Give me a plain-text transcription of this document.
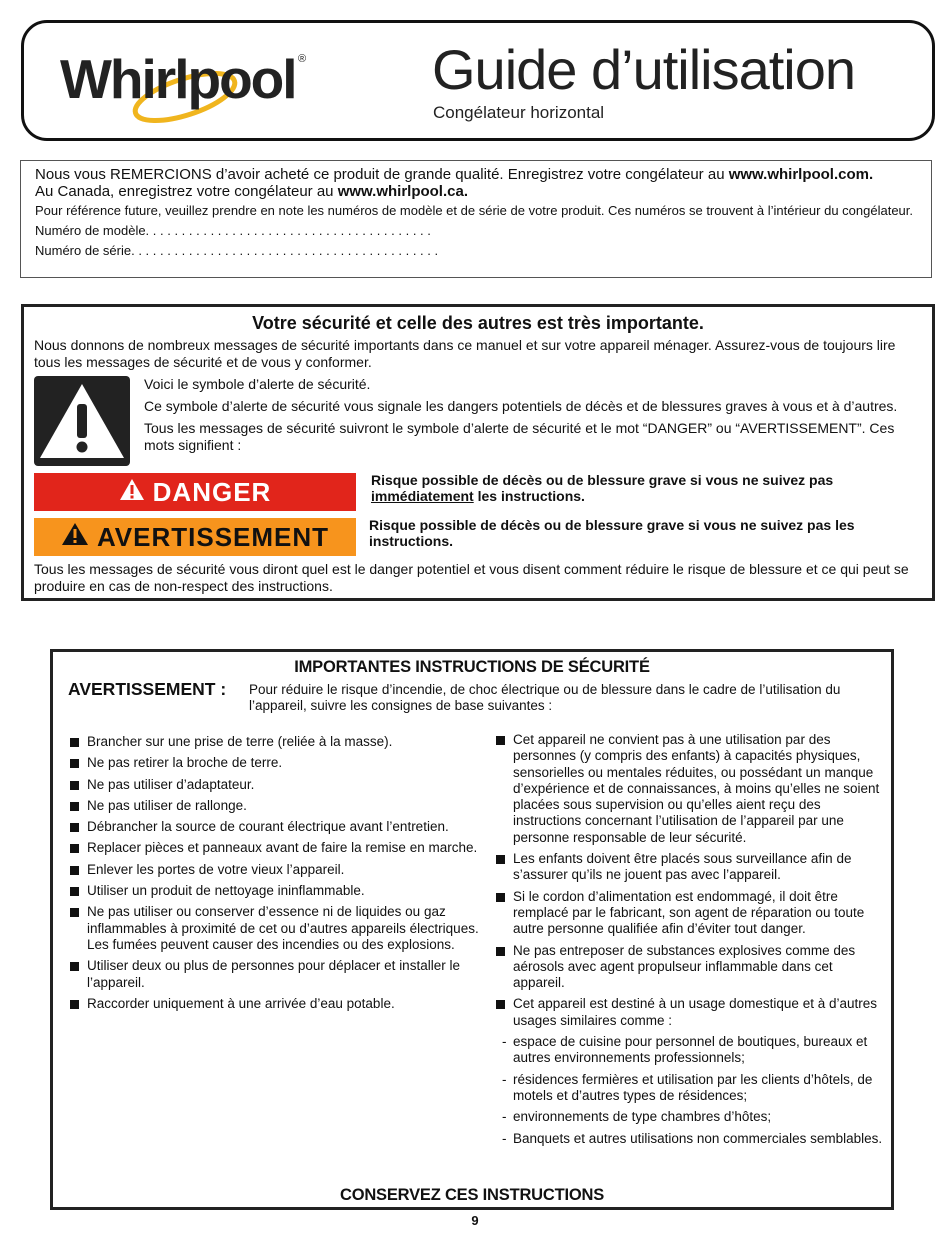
Whirlpool ® Guide d’utilisation
Congélateur horizontal
Nous vous REMERCIONS d’avoir acheté ce produit de grande qualité. Enregistrez votre congélateur au www.whirlpool.com.
Au Canada, enregistrez votre congélateur au www.whirlpool.ca.
Pour référence future, veuillez prendre en note les numéros de modèle et de série de votre produit. Ces numéros se trouvent à l’intérieur du congélateur.
Numéro de modèle. . . . . . . . . . . . . . . . . . . . . . . . . . . . . . . . . . . . . . . .
Numéro de série. . . . . . . . . . . . . . . . . . . . . . . . . . . . . . . . . . . . . . . . . . .
Votre sécurité et celle des autres est très importante.
Nous donnons de nombreux messages de sécurité importants dans ce manuel et sur votre appareil ménager. Assurez-vous de toujours lire tous les messages de sécurité et de vous y conformer.

Voici le symbole d’alerte de sécurité.

Ce symbole d’alerte de sécurité vous signale les dangers potentiels de décès et de blessures graves à vous et à d’autres.

Tous les messages de sécurité suivront le symbole d’alerte de sécurité et le mot “DANGER” ou “AVERTISSEMENT”. Ces mots signifient :

DANGER	Risque possible de décès ou de blessure grave si vous ne suivez pas immédiatement les instructions.
AVERTISSEMENT	Risque possible de décès ou de blessure grave si vous ne suivez pas les instructions.
Tous les messages de sécurité vous diront quel est le danger potentiel et vous disent comment réduire le risque de blessure et ce qui peut se produire en cas de non-respect des instructions.
IMPORTANTES INSTRUCTIONS DE SÉCURITÉ
AVERTISSEMENT : Pour réduire le risque d’incendie, de choc électrique ou de blessure dans le cadre de l’utilisation du l’appareil, suivre les consignes de base suivantes :
Brancher sur une prise de terre (reliée à la masse).
Ne pas retirer la broche de terre.
Ne pas utiliser d’adaptateur.
Ne pas utiliser de rallonge.
Débrancher la source de courant électrique avant l’entretien.
Replacer pièces et panneaux avant de faire la remise en marche.
Enlever les portes de votre vieux l’appareil.
Utiliser un produit de nettoyage ininflammable.
Ne pas utiliser ou conserver d’essence ni de liquides ou gaz inflammables à proximité de cet ou d’autres appareils électriques. Les fumées peuvent causer des incendies ou des explosions.
Utiliser deux ou plus de personnes pour déplacer et installer le l’appareil.
Raccorder uniquement à une arrivée d’eau potable.
Cet appareil ne convient pas à une utilisation par des personnes (y compris des enfants) à capacités physiques, sensorielles ou mentales réduites, ou possédant un manque d’expérience et de connaissances, à moins qu’elles ne soient placées sous supervision ou qu’elles aient reçu des instructions concernant l’utilisation de l’appareil par une personne responsable de leur sécurité.
Les enfants doivent être placés sous surveillance afin de s’assurer qu’ils ne jouent pas avec l’appareil.
Si le cordon d’alimentation est endommagé, il doit être remplacé par le fabricant, son agent de réparation ou toute autre personne qualifiée afin d’éviter tout danger.
Ne pas entreposer de substances explosives comme des aérosols avec agent propulseur inflammable dans cet appareil.
Cet appareil est destiné à un usage domestique et à d’autres usages similaires comme :
- espace de cuisine pour personnel de boutiques, bureaux et autres environnements professionnels;
- résidences fermières et utilisation par les clients d’hôtels, de motels et d’autres types de résidences;
- environnements de type chambres d’hôtes;
- Banquets et autres utilisations non commerciales semblables.
CONSERVEZ CES INSTRUCTIONS
9
